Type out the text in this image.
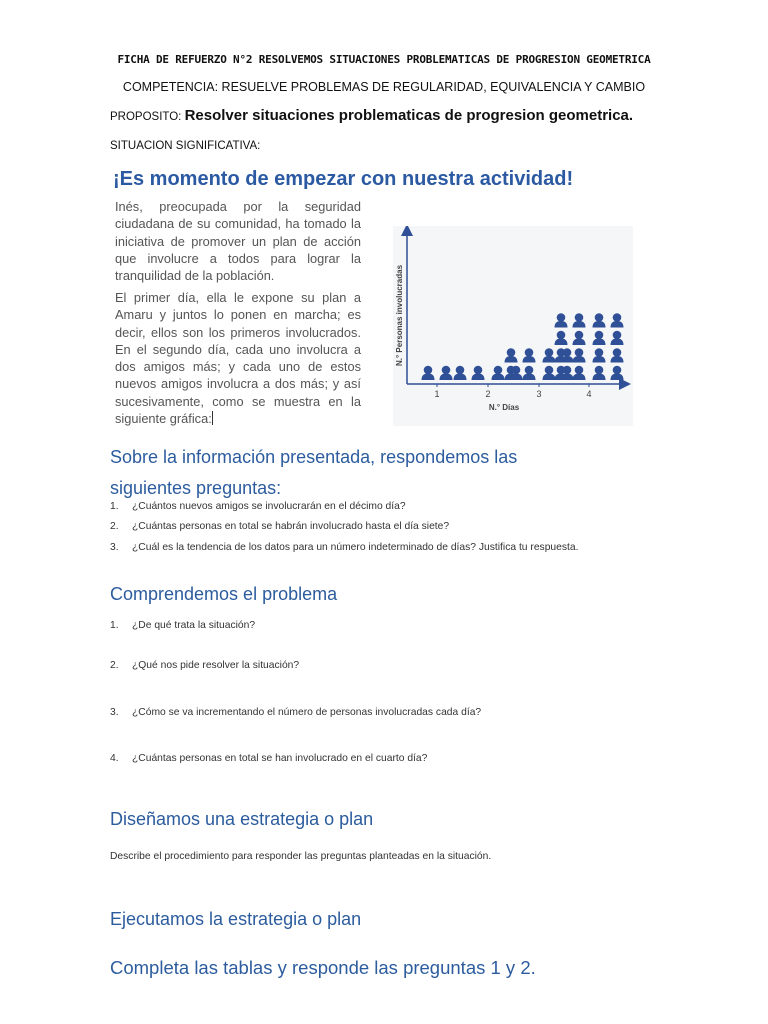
FICHA DE REFUERZO N°2 RESOLVEMOS SITUACIONES PROBLEMATICAS DE PROGRESION GEOMETRICA
COMPETENCIA: RESUELVE PROBLEMAS DE REGULARIDAD, EQUIVALENCIA Y CAMBIO
PROPOSITO: Resolver situaciones problematicas de progresion geometrica.
SITUACION SIGNIFICATIVA:
¡Es momento de empezar con nuestra actividad!
Inés, preocupada por la seguridad ciudadana de su comunidad, ha tomado la iniciativa de promover un plan de acción que involucre a todos para lograr la tranquilidad de la población.
El primer día, ella le expone su plan a Amaru y juntos lo ponen en marcha; es decir, ellos son los primeros involucrados. En el segundo día, cada uno involucra a dos amigos más; y cada uno de estos nuevos amigos involucra a dos más; y así sucesivamente, como se muestra en la siguiente gráfica:
1	2	3	4
N.° Personas involucradas
N.° Días
Sobre la información presentada, respondemos las
siguientes preguntas:
1. ¿Cuántos nuevos amigos se involucrarán en el décimo día?
2. ¿Cuántas personas en total se habrán involucrado hasta el día siete?
3. ¿Cuál es la tendencia de los datos para un número indeterminado de días? Justifica tu respuesta.
Comprendemos el problema
1. ¿De qué trata la situación?
2. ¿Qué nos pide resolver la situación?
3. ¿Cómo se va incrementando el número de personas involucradas cada día?
4. ¿Cuántas personas en total se han involucrado en el cuarto día?
Diseñamos una estrategia o plan
Describe el procedimiento para responder las preguntas planteadas en la situación.
Ejecutamos la estrategia o plan
Completa las tablas y responde las preguntas 1 y 2.
